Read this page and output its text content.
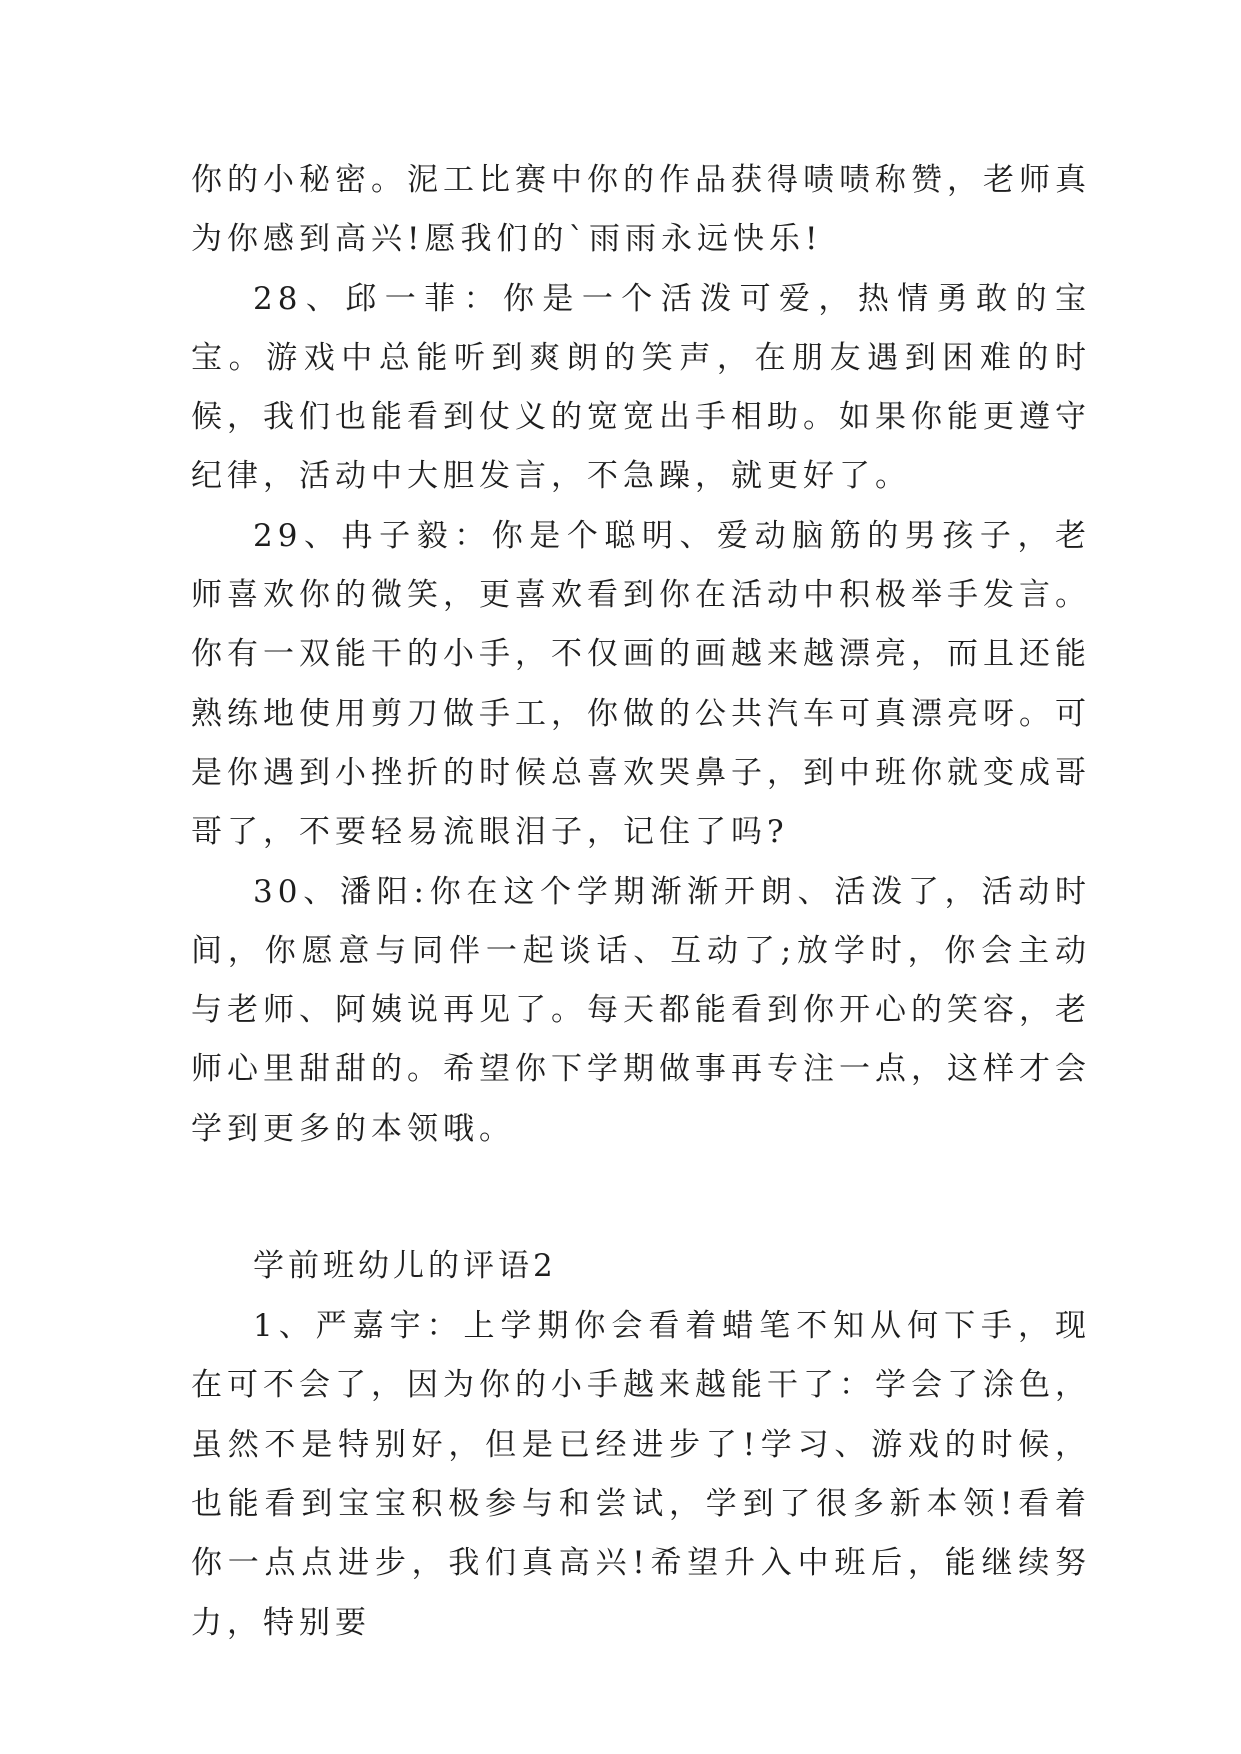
你的小秘密。泥工比赛中你的作品获得啧啧称赞，老师真为你感到高兴!愿我们的`雨雨永远快乐!

28、邱一菲：你是一个活泼可爱，热情勇敢的宝宝。游戏中总能听到爽朗的笑声，在朋友遇到困难的时候，我们也能看到仗义的宽宽出手相助。如果你能更遵守纪律，活动中大胆发言，不急躁，就更好了。

29、冉子毅：你是个聪明、爱动脑筋的男孩子，老师喜欢你的微笑，更喜欢看到你在活动中积极举手发言。你有一双能干的小手，不仅画的画越来越漂亮，而且还能熟练地使用剪刀做手工，你做的公共汽车可真漂亮呀。可是你遇到小挫折的时候总喜欢哭鼻子，到中班你就变成哥哥了，不要轻易流眼泪子，记住了吗?

30、潘阳:你在这个学期渐渐开朗、活泼了，活动时间，你愿意与同伴一起谈话、互动了;放学时，你会主动与老师、阿姨说再见了。每天都能看到你开心的笑容，老师心里甜甜的。希望你下学期做事再专注一点，这样才会学到更多的本领哦。

学前班幼儿的评语2

1、严嘉宇：上学期你会看着蜡笔不知从何下手，现在可不会了，因为你的小手越来越能干了：学会了涂色，虽然不是特别好，但是已经进步了!学习、游戏的时候，也能看到宝宝积极参与和尝试，学到了很多新本领!看着你一点点进步，我们真高兴!希望升入中班后，能继续努力，特别要
